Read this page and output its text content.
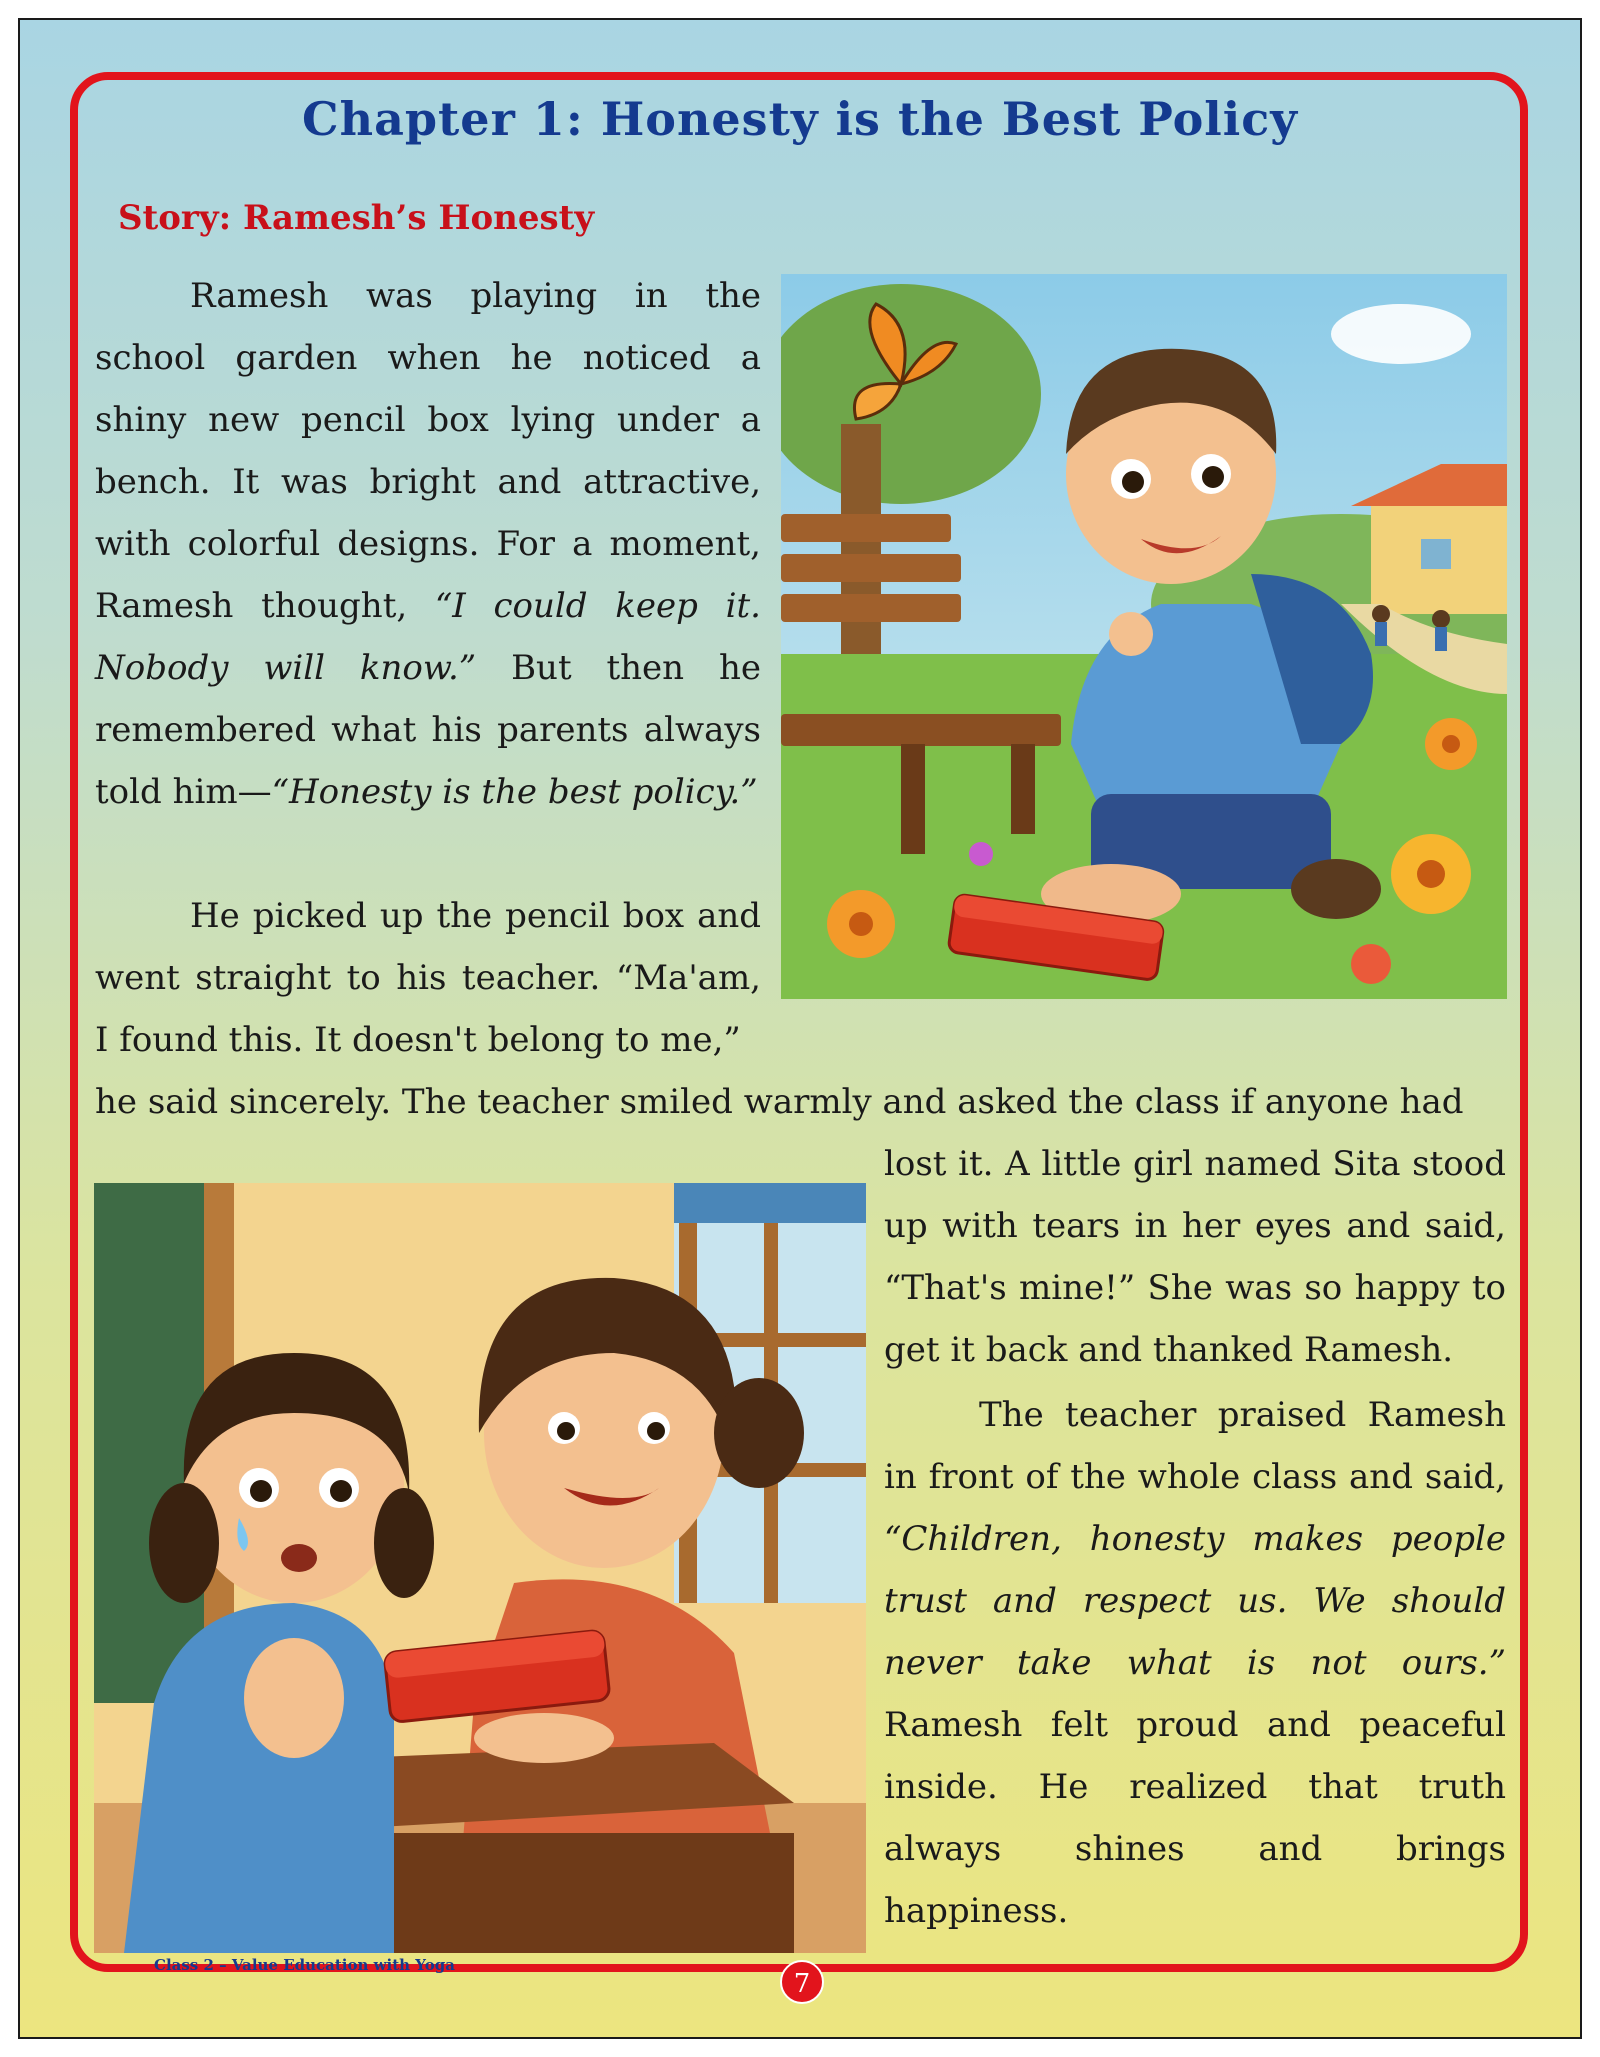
Chapter 1: Honesty is the Best Policy
Story: Ramesh’s Honesty

Ramesh was playing in the school garden when he noticed a shiny new pencil box lying under a bench. It was bright and attractive, with colorful designs. For a moment, Ramesh thought, “I could keep it. Nobody will know.” But then he remembered what his parents always told him—“Honesty is the best policy.”

He picked up the pencil box and went straight to his teacher. “Ma'am, I found this. It doesn't belong to me,”

he said sincerely. The teacher smiled warmly and asked the class if anyone had

lost it. A little girl named Sita stood up with tears in her eyes and said, “That's mine!” She was so happy to get it back and thanked Ramesh.

The teacher praised Ramesh in front of the whole class and said, “Children, honesty makes people trust and respect us. We should never take what is not ours.” Ramesh felt proud and peaceful inside. He realized that truth always shines and brings happiness.

Class 2 – Value Education with Yoga
7
